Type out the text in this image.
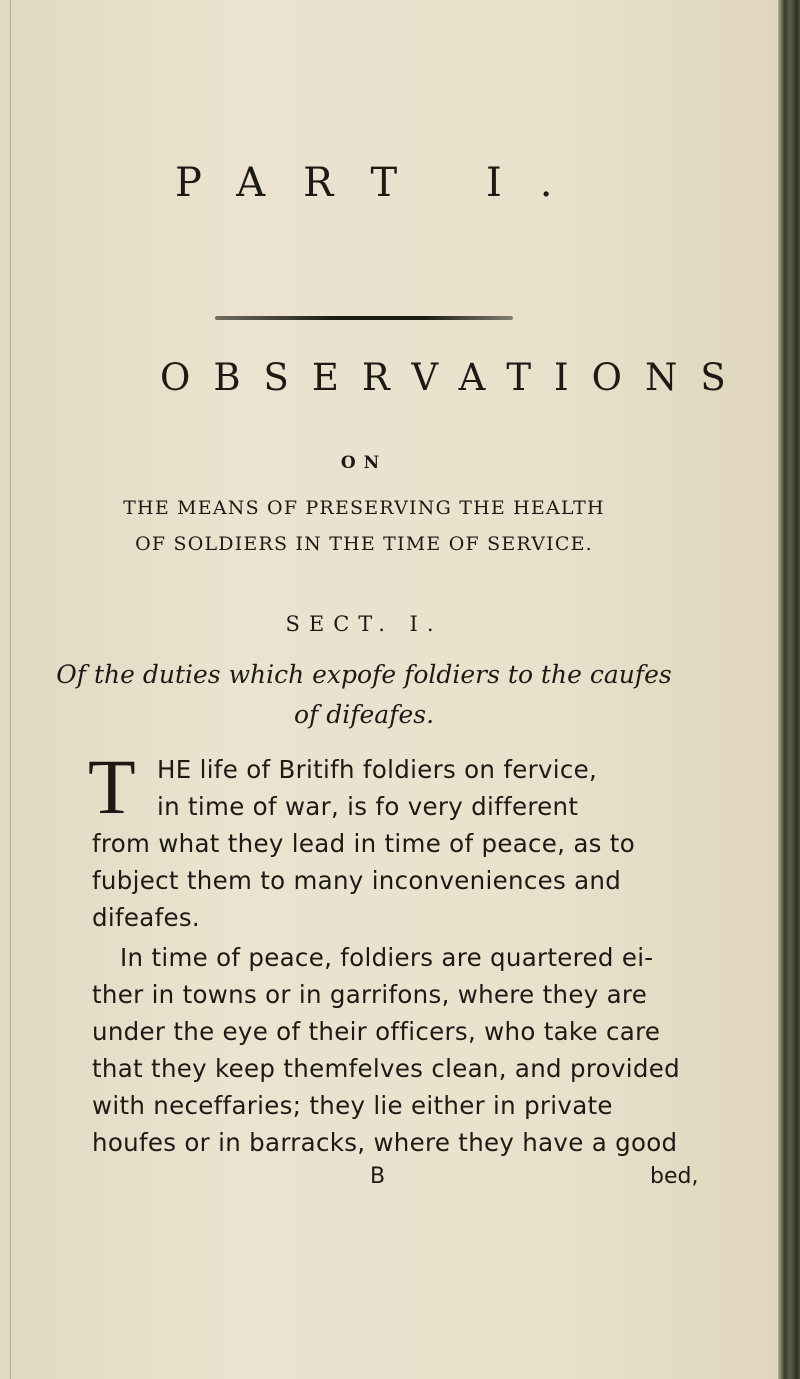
PART I.
OBSERVATIONS
ON
THE MEANS OF PRESERVING THE HEALTH
OF SOLDIERS IN THE TIME OF SERVICE.
SECT. I.
Of the duties which expofe foldiers to the caufes
of difeafes.
T HE life of Britifh foldiers on fervice,
in time of war, is fo very different
from what they lead in time of peace, as to
fubject them to many inconveniences and
difeafes.
In time of peace, foldiers are quartered ei-
ther in towns or in garrifons, where they are
under the eye of their officers, who take care
that they keep themfelves clean, and provided
with neceffaries; they lie either in private
houfes or in barracks, where they have a good
B	bed,
